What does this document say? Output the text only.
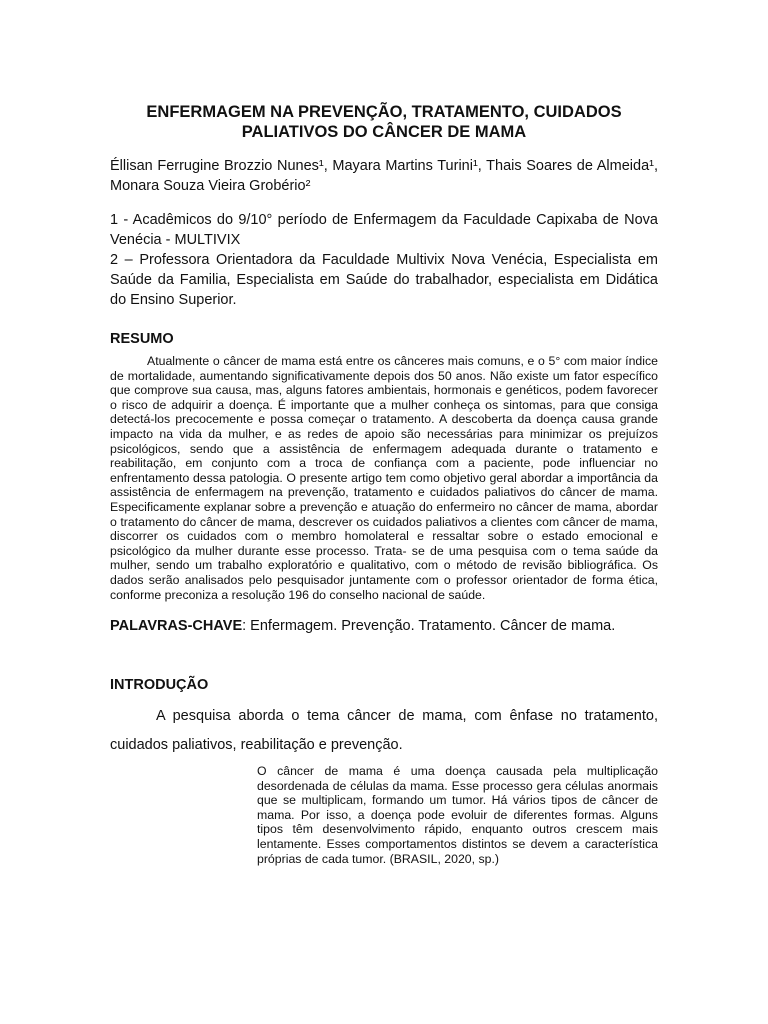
ENFERMAGEM NA PREVENÇÃO, TRATAMENTO, CUIDADOS
PALIATIVOS DO CÂNCER DE MAMA
Éllisan Ferrugine Brozzio Nunes¹, Mayara Martins Turini¹, Thais Soares de Almeida¹, Monara Souza Vieira Grobério²

1 - Acadêmicos do 9/10° período de Enfermagem da Faculdade Capixaba de Nova Venécia - MULTIVIX

2 – Professora Orientadora da Faculdade Multivix Nova Venécia, Especialista em Saúde da Familia, Especialista em Saúde do trabalhador, especialista em Didática do Ensino Superior.

RESUMO
Atualmente o câncer de mama está entre os cânceres mais comuns, e o 5° com maior índice de mortalidade, aumentando significativamente depois dos 50 anos. Não existe um fator específico que comprove sua causa, mas, alguns fatores ambientais, hormonais e genéticos, podem favorecer o risco de adquirir a doença. É importante que a mulher conheça os sintomas, para que consiga detectá-los precocemente e possa começar o tratamento. A descoberta da doença causa grande impacto na vida da mulher, e as redes de apoio são necessárias para minimizar os prejuízos psicológicos, sendo que a assistência de enfermagem adequada durante o tratamento e reabilitação, em conjunto com a troca de confiança com a paciente, pode influenciar no enfrentamento dessa patologia. O presente artigo tem como objetivo geral abordar a importância da assistência de enfermagem na prevenção, tratamento e cuidados paliativos do câncer de mama. Especificamente explanar sobre a prevenção e atuação do enfermeiro no câncer de mama, abordar o tratamento do câncer de mama, descrever os cuidados paliativos a clientes com câncer de mama, discorrer os cuidados com o membro homolateral e ressaltar sobre o estado emocional e psicológico da mulher durante esse processo. Trata- se de uma pesquisa com o tema saúde da mulher, sendo um trabalho exploratório e qualitativo, com o método de revisão bibliográfica. Os dados serão analisados pelo pesquisador juntamente com o professor orientador de forma ética, conforme preconiza a resolução 196 do conselho nacional de saúde.
PALAVRAS-CHAVE: Enfermagem. Prevenção. Tratamento. Câncer de mama.
INTRODUÇÃO
A pesquisa aborda o tema câncer de mama, com ênfase no tratamento, cuidados paliativos, reabilitação e prevenção.
O câncer de mama é uma doença causada pela multiplicação desordenada de células da mama. Esse processo gera células anormais que se multiplicam, formando um tumor. Há vários tipos de câncer de mama. Por isso, a doença pode evoluir de diferentes formas. Alguns tipos têm desenvolvimento rápido, enquanto outros crescem mais lentamente. Esses comportamentos distintos se devem a característica próprias de cada tumor. (BRASIL, 2020, sp.)
